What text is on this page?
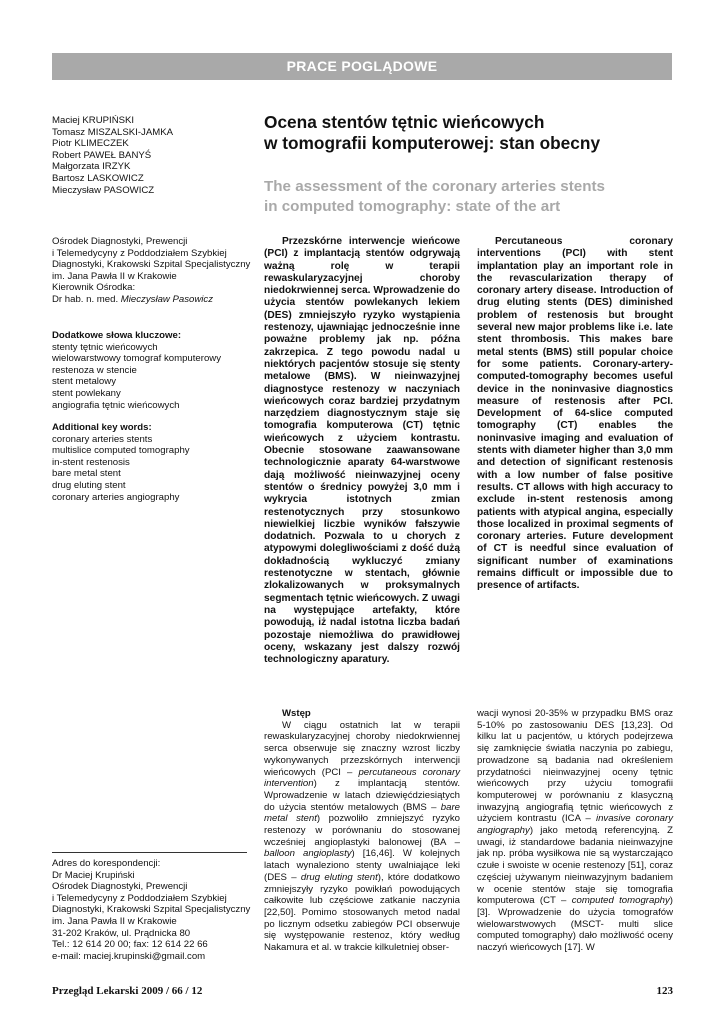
PRACE POGLĄDOWE
Maciej KRUPIŃSKI
Tomasz MISZALSKI-JAMKA
Piotr KLIMECZEK
Robert PAWEŁ BANYŚ
Małgorzata IRZYK
Bartosz LASKOWICZ
Mieczysław PASOWICZ
Ośrodek Diagnostyki, Prewencji
i Telemedycyny z Poddodziałem Szybkiej
Diagnostyki, Krakowski Szpital Specjalistyczny
im. Jana Pawła II w Krakowie
Kierownik Ośrodka:
Dr hab. n. med. Mieczysław Pasowicz
Dodatkowe słowa kluczowe:
stenty tętnic wieńcowych
wielowarstwowy tomograf komputerowy
restenoza w stencie
stent metalowy
stent powlekany
angiografia tętnic wieńcowych
Additional key words:
coronary arteries stents
multislice computed tomography
in-stent restenosis
bare metal stent
drug eluting stent
coronary arteries angiography
Ocena stentów tętnic wieńcowych
w tomografii komputerowej: stan obecny
The assessment of the coronary arteries stents
in computed tomography: state of the art

Przezskórne interwencje wieńcowe (PCI) z implantacją stentów odgrywają ważną rolę w terapii rewaskularyzacyjnej choroby niedokrwiennej serca. Wprowadzenie do użycia stentów powlekanych lekiem (DES) zmniejszyło ryzyko wystąpienia restenozy, ujawniając jednocześnie inne poważne problemy jak np. późna zakrzepica. Z tego powodu nadal u niektórych pacjentów stosuje się stenty metalowe (BMS). W nieinwazyjnej diagnostyce restenozy w naczyniach wieńcowych coraz bardziej przydatnym narzędziem diagnostycznym staje się tomografia komputerowa (CT) tętnic wieńcowych z użyciem kontrastu. Obecnie stosowane zaawansowane technologicznie aparaty 64-warstwowe dają możliwość nieinwazyjnej oceny stentów o średnicy powyżej 3,0 mm i wykrycia istotnych zmian restenotycznych przy stosunkowo niewielkiej liczbie wyników fałszywie dodatnich. Pozwala to u chorych z atypowymi dolegliwościami z dość dużą dokładnością wykluczyć zmiany restenotyczne w stentach, głównie zlokalizowanych w proksymalnych segmentach tętnic wieńcowych. Z uwagi na występujące artefakty, które powodują, iż nadal istotna liczba badań pozostaje niemożliwa do prawidłowej oceny, wskazany jest dalszy rozwój technologiczny aparatury.

Percutaneous coronary interventions (PCI) with stent implantation play an important role in the revascularization therapy of coronary artery disease. Introduction of drug eluting stents (DES) diminished problem of restenosis but brought several new major problems like i.e. late stent thrombosis. This makes bare metal stents (BMS) still popular choice for some patients. Coronary-artery-computed-tomography becomes useful device in the noninvasive diagnostics measure of restenosis after PCI. Development of 64-slice computed tomography (CT) enables the noninvasive imaging and evaluation of stents with diameter higher than 3,0 mm and detection of significant restenosis with a low number of false positive results. CT allows with high accuracy to exclude in-stent restenosis among patients with atypical angina, especially those localized in proximal segments of coronary arteries. Future development of CT is needful since evaluation of significant number of examinations remains difficult or impossible due to presence of artifacts.

Wstęp

W ciągu ostatnich lat w terapii rewaskularyzacyjnej choroby niedokrwiennej serca obserwuje się znaczny wzrost liczby wykonywanych przezskórnych interwencji wieńcowych (PCI – percutaneous coronary intervention) z implantacją stentów. Wprowadzenie w latach dziewięćdziesiątych do użycia stentów metalowych (BMS – bare metal stent) pozwoliło zmniejszyć ryzyko restenozy w porównaniu do stosowanej wcześniej angioplastyki balonowej (BA – balloon angioplasty) [16,46]. W kolejnych latach wynaleziono stenty uwalniające leki (DES – drug eluting stent), które dodatkowo zmniejszyły ryzyko powikłań powodujących całkowite lub częściowe zatkanie naczynia [22,50]. Pomimo stosowanych metod nadal po licznym odsetku zabiegów PCI obserwuje się występowanie restenoz, który według Nakamura et al. w trakcie kilkuletniej obser-

wacji wynosi 20-35% w przypadku BMS oraz 5-10% po zastosowaniu DES [13,23]. Od kilku lat u pacjentów, u których podejrzewa się zamknięcie światła naczynia po zabiegu, prowadzone są badania nad określeniem przydatności nieinwazyjnej oceny tętnic wieńcowych przy użyciu tomografii komputerowej w porównaniu z klasyczną inwazyjną angiografią tętnic wieńcowych z użyciem kontrastu (ICA – invasive coronary angiography) jako metodą referencyjną. Z uwagi, iż standardowe badania nieinwazyjne jak np. próba wysiłkowa nie są wystarczająco czułe i swoiste w ocenie restenozy [51], coraz częściej używanym nieinwazyjnym badaniem w ocenie stentów staje się tomografia komputerowa (CT – computed tomography) [3]. Wprowadzenie do użycia tomografów wielowarstwowych (MSCT- multi slice computed tomography) dało możliwość oceny naczyń wieńcowych [17]. W

Adres do korespondencji:
Dr Maciej Krupiński
Ośrodek Diagnostyki, Prewencji
i Telemedycyny z Poddodziałem Szybkiej
Diagnostyki, Krakowski Szpital Specjalistyczny
im. Jana Pawła II w Krakowie
31-202 Kraków, ul. Prądnicka 80
Tel.: 12 614 20 00; fax: 12 614 22 66
e-mail: maciej.krupinski@gmail.com
Przegląd Lekarski 2009 / 66 / 12	123
